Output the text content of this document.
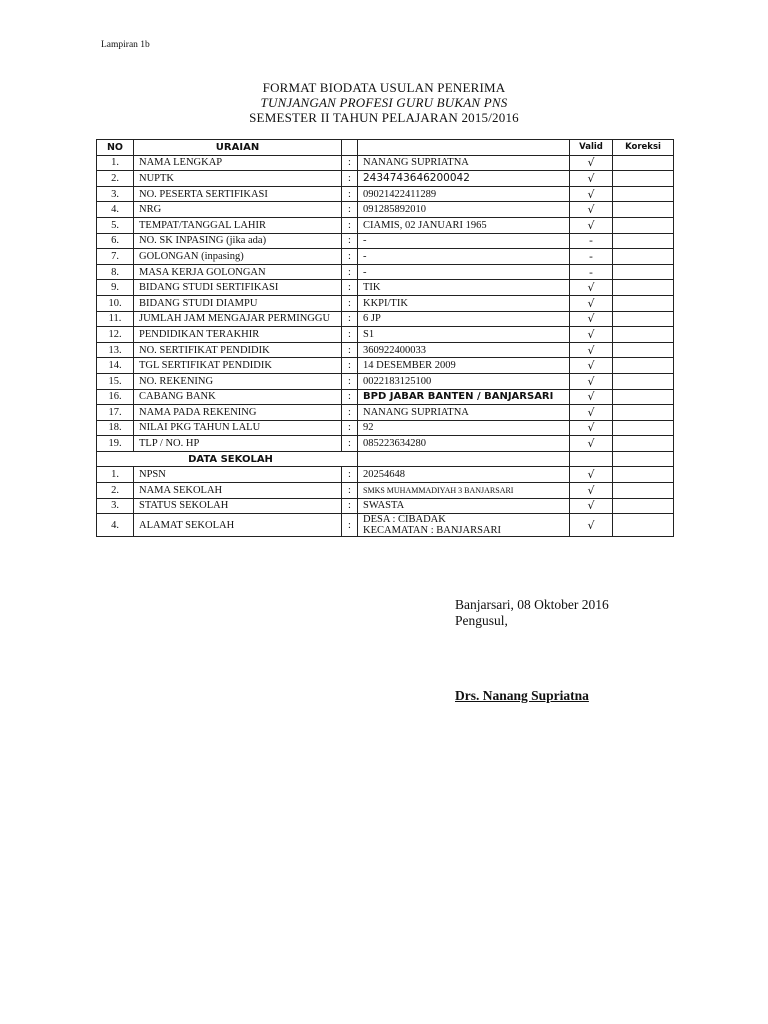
Lampiran 1b
FORMAT BIODATA USULAN PENERIMA
TUNJANGAN PROFESI GURU BUKAN PNS
SEMESTER II TAHUN PELAJARAN 2015/2016
NO	URAIAN			Valid	Koreksi
1.	NAMA LENGKAP	:	NANANG SUPRIATNA	√	
2.	NUPTK	:	2434743646200042	√	
3.	NO. PESERTA SERTIFIKASI	:	09021422411289	√	
4.	NRG	:	091285892010	√	
5.	TEMPAT/TANGGAL LAHIR	:	CIAMIS, 02 JANUARI 1965	√	
6.	NO. SK INPASING (jika ada)	:	-	-	
7.	GOLONGAN (inpasing)	:	-	-	
8.	MASA KERJA GOLONGAN	:	-	-	
9.	BIDANG STUDI SERTIFIKASI	:	TIK	√	
10.	BIDANG STUDI DIAMPU	:	KKPI/TIK	√	
11.	JUMLAH JAM MENGAJAR PERMINGGU	:	6 JP	√	
12.	PENDIDIKAN TERAKHIR	:	S1	√	
13.	NO. SERTIFIKAT PENDIDIK	:	360922400033	√	
14.	TGL SERTIFIKAT PENDIDIK	:	14 DESEMBER 2009	√	
15.	NO. REKENING	:	0022183125100	√	
16.	CABANG BANK	:	BPD JABAR BANTEN / BANJARSARI	√	
17.	NAMA PADA REKENING	:	NANANG SUPRIATNA	√	
18.	NILAI PKG TAHUN LALU	:	92	√	
19.	TLP / NO. HP	:	085223634280	√	
DATA SEKOLAH					
1.	NPSN	:	20254648	√	
2.	NAMA SEKOLAH	:	SMKS MUHAMMADIYAH 3 BANJARSARI	√	
3.	STATUS SEKOLAH	:	SWASTA	√	
4.	ALAMAT SEKOLAH	:	DESA : CIBADAK
KECAMATAN : BANJARSARI	√	
Banjarsari, 08 Oktober 2016
Pengusul,
Drs. Nanang Supriatna
